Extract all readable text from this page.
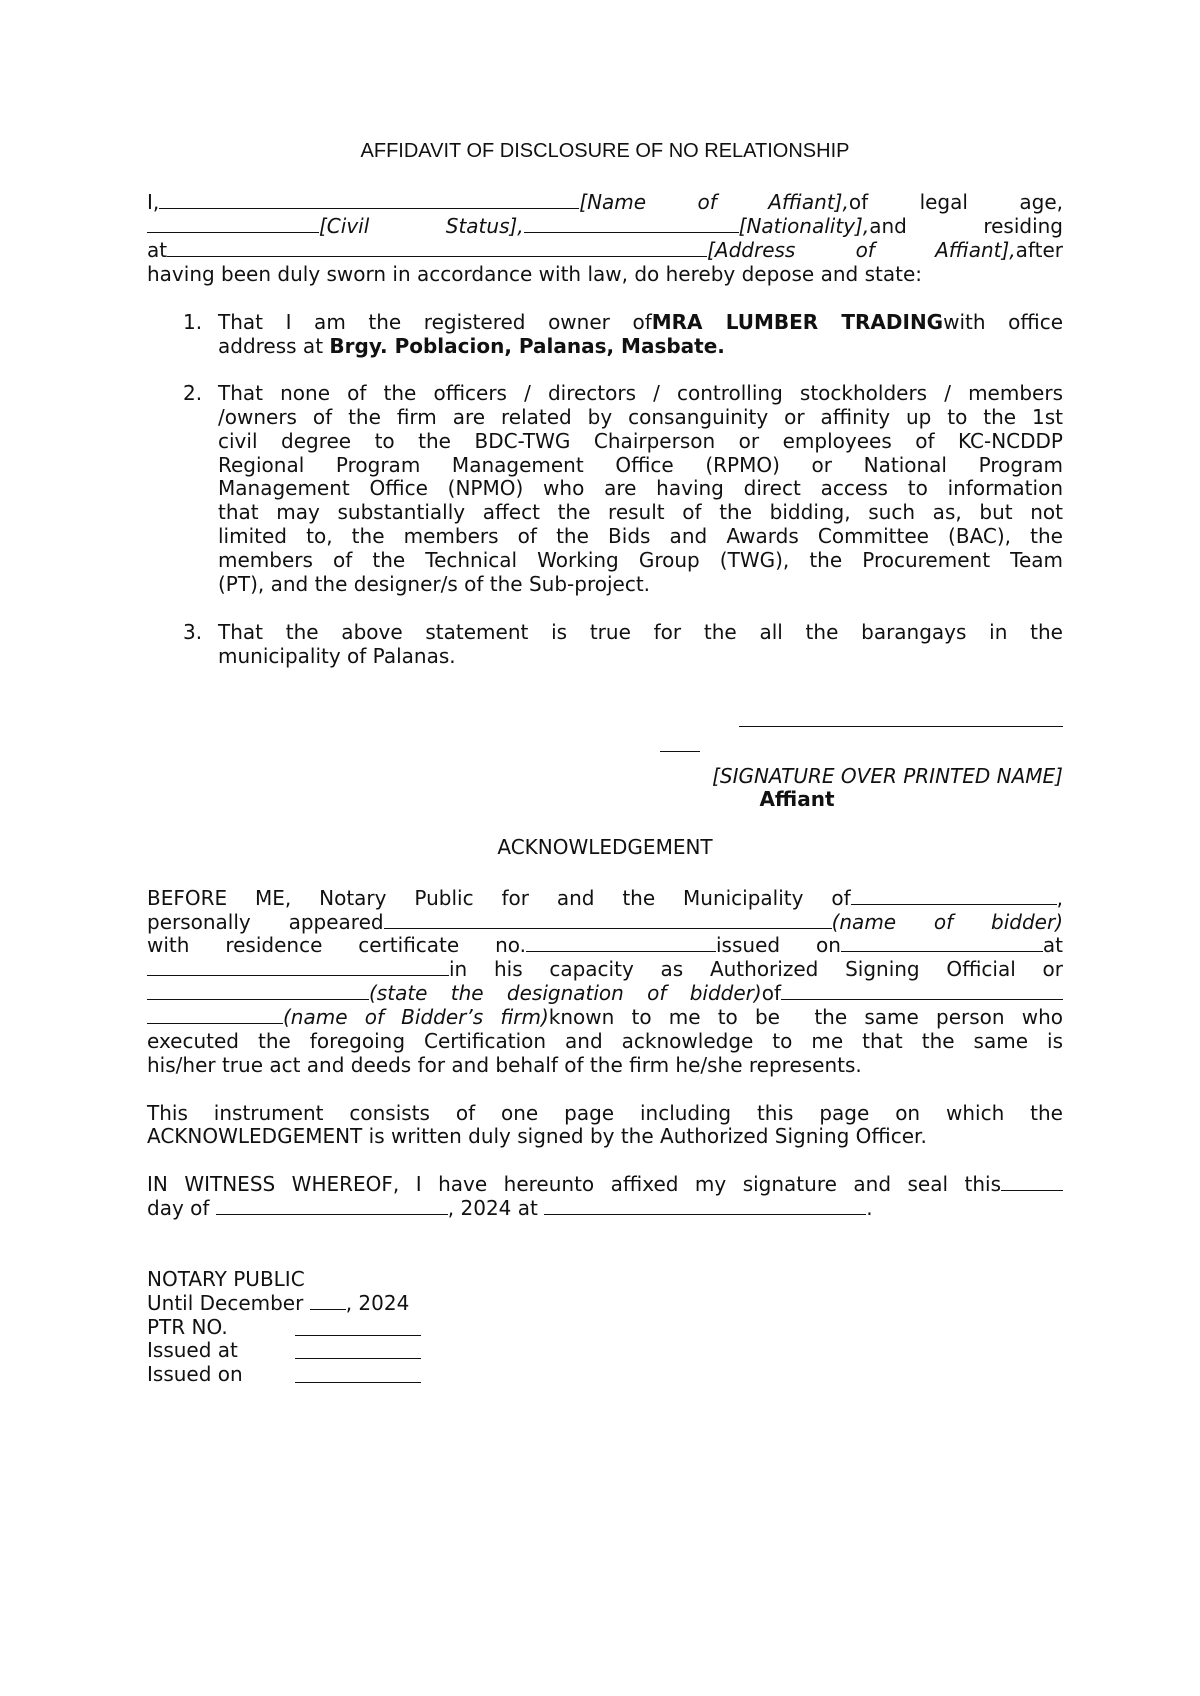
AFFIDAVIT OF DISCLOSURE OF NO RELATIONSHIP
I,	[Name of Affiant],of legal age,
[Civil Status],	[Nationality],and residing
at	[Address of Affiant],after
having been duly sworn in accordance with law, do hereby depose and state:
1. That I am the registered owner ofMRA LUMBER TRADINGwith office
address at Brgy. Poblacion, Palanas, Masbate.
2. That none of the officers / directors / controlling stockholders / members
/owners of the firm are related by consanguinity or affinity up to the 1st
civil degree to the BDC-TWG Chairperson or employees of KC-NCDDP
Regional Program Management Office (RPMO) or National Program
Management Office (NPMO) who are having direct access to information
that may substantially affect the result of the bidding, such as, but not
limited to, the members of the Bids and Awards Committee (BAC), the
members of the Technical Working Group (TWG), the Procurement Team
(PT), and the designer/s of the Sub-project.
3. That the above statement is true for the all the barangays in the
municipality of Palanas.
[SIGNATURE OVER PRINTED NAME]
Affiant
ACKNOWLEDGEMENT
BEFORE ME, Notary Public for and the Municipality of	,
personally appeared	(name of bidder)
with residence certificate no.	issued on	at
in his capacity as Authorized Signing Official or
(state the designation of bidder)of
(name of Bidder’s firm)known to me to be  the same person who
executed the foregoing Certification and acknowledge to me that the same is
his/her true act and deeds for and behalf of the firm he/she represents.
This instrument consists of one page including this page on which the
ACKNOWLEDGEMENT is written duly signed by the Authorized Signing Officer.
IN WITNESS WHEREOF, I have hereunto affixed my signature and seal this
day of	, 2024 at	.
NOTARY PUBLIC
Until December , 2024
PTR NO.
Issued at
Issued on
